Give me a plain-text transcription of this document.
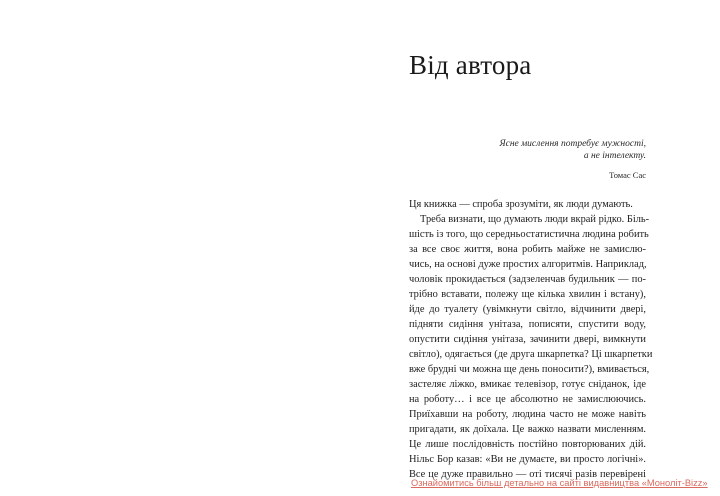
Від автора
Ясне мислення потребує мужності,
а не інтелекту.
Томас Сас
Ця книжка — спроба зрозуміти, як люди думають.
Треба визнати, що думають люди вкрай рідко. Біль-
шість із того, що середньостатистична людина робить
за все своє життя, вона робить майже не замислю-
чись, на основі дуже простих алгоритмів. Наприклад,
чоловік прокидається (задзеленчав будильник — по-
трібно вставати, полежу ще кілька хвилин і встану),
йде до туалету (увімкнути світло, відчинити двері,
підняти сидіння унітаза, пописяти, спустити воду,
опустити сидіння унітаза, зачинити двері, вимкнути
світло), одягається (де друга шкарпетка? Ці шкарпетки
вже брудні чи можна ще день поносити?), вмивається,
застеляє ліжко, вмикає телевізор, готує сніданок, іде
на роботу… і все це абсолютно не замислюючись.
Приїхавши на роботу, людина часто не може навіть
пригадати, як доїхала. Це важко назвати мисленням.
Це лише послідовність постійно повторюваних дій.
Нільс Бор казав: «Ви не думаєте, ви просто логічні».
Все це дуже правильно — оті тисячі разів перевірені
Ознайомитись більш детально на сайті видавництва «Моноліт-Bizz»
